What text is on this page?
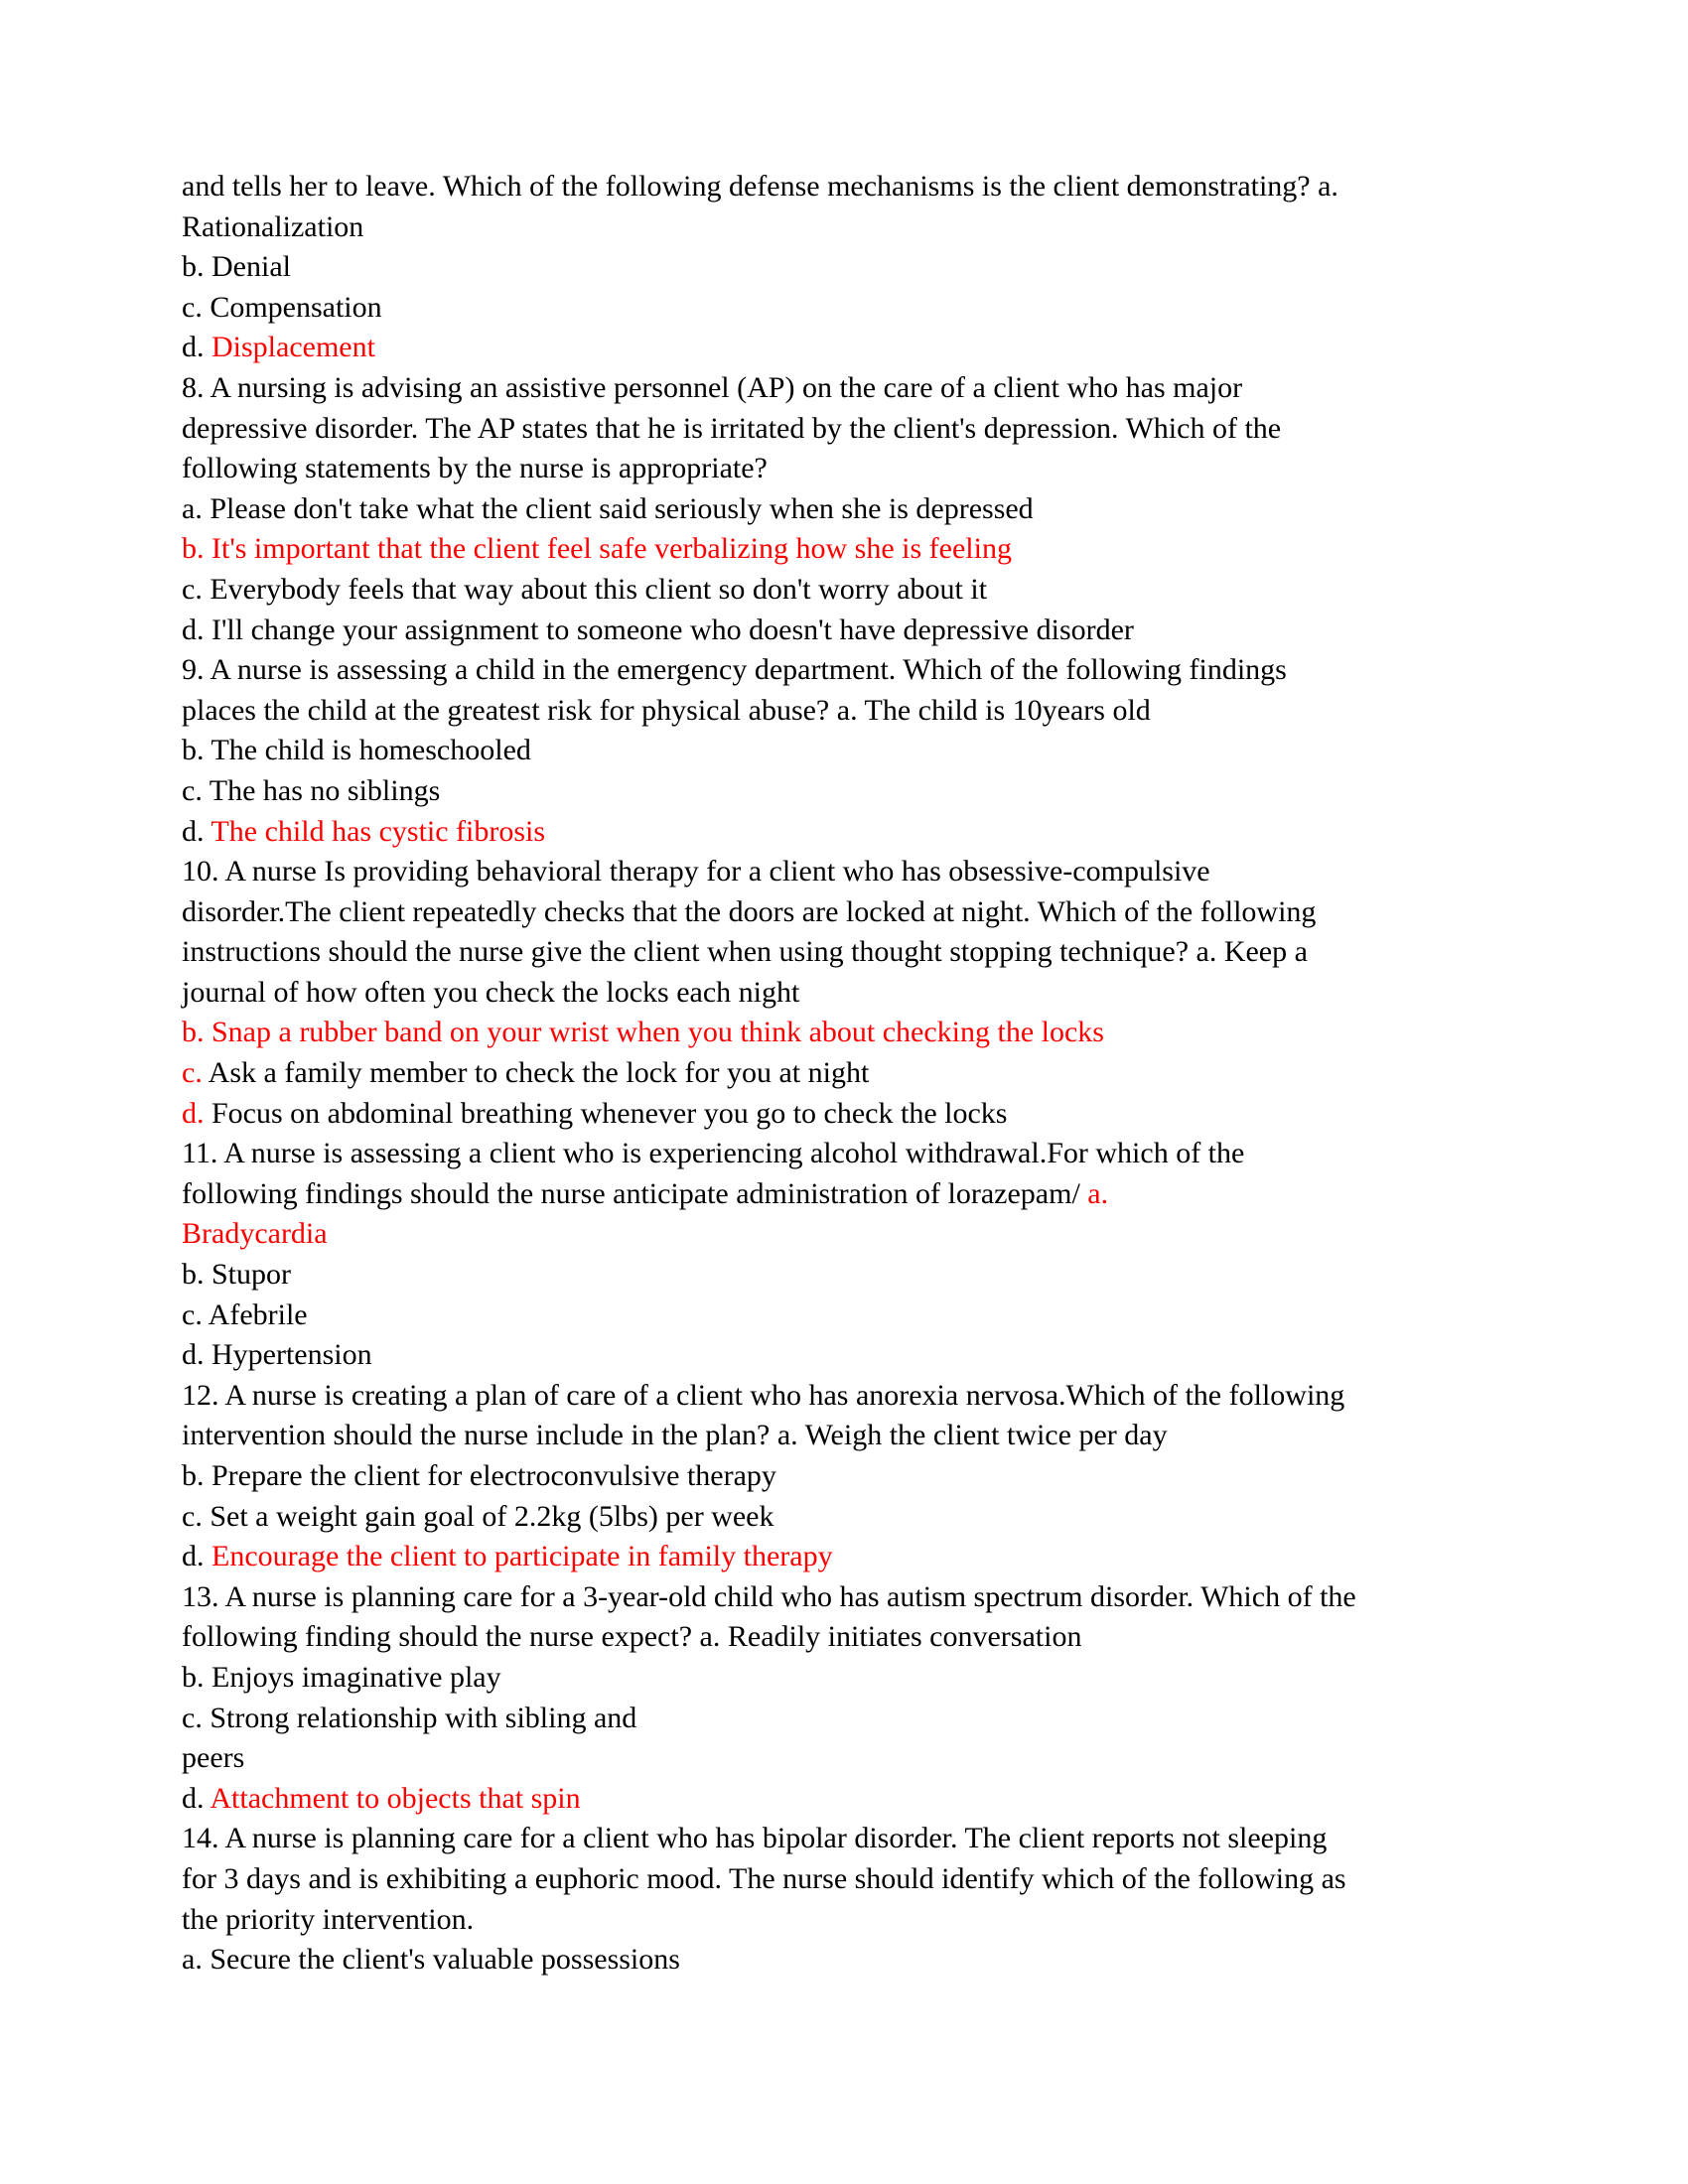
and tells her to leave. Which of the following defense mechanisms is the client demonstrating? a.
Rationalization
b. Denial
c. Compensation
d. Displacement
8. A nursing is advising an assistive personnel (AP) on the care of a client who has major
depressive disorder. The AP states that he is irritated by the client's depression. Which of the
following statements by the nurse is appropriate?
a. Please don't take what the client said seriously when she is depressed
b. It's important that the client feel safe verbalizing how she is feeling
c. Everybody feels that way about this client so don't worry about it
d. I'll change your assignment to someone who doesn't have depressive disorder
9. A nurse is assessing a child in the emergency department. Which of the following findings
places the child at the greatest risk for physical abuse? a. The child is 10years old
b. The child is homeschooled
c. The has no siblings
d. The child has cystic fibrosis
10. A nurse Is providing behavioral therapy for a client who has obsessive-compulsive
disorder.The client repeatedly checks that the doors are locked at night. Which of the following
instructions should the nurse give the client when using thought stopping technique? a. Keep a
journal of how often you check the locks each night
b. Snap a rubber band on your wrist when you think about checking the locks
c. Ask a family member to check the lock for you at night
d. Focus on abdominal breathing whenever you go to check the locks
11. A nurse is assessing a client who is experiencing alcohol withdrawal.For which of the
following findings should the nurse anticipate administration of lorazepam/ a.
Bradycardia
b. Stupor
c. Afebrile
d. Hypertension
12. A nurse is creating a plan of care of a client who has anorexia nervosa.Which of the following
intervention should the nurse include in the plan? a. Weigh the client twice per day
b. Prepare the client for electroconvulsive therapy
c. Set a weight gain goal of 2.2kg (5lbs) per week
d. Encourage the client to participate in family therapy
13. A nurse is planning care for a 3-year-old child who has autism spectrum disorder. Which of the
following finding should the nurse expect? a. Readily initiates conversation
b. Enjoys imaginative play
c. Strong relationship with sibling and
peers
d. Attachment to objects that spin
14. A nurse is planning care for a client who has bipolar disorder. The client reports not sleeping
for 3 days and is exhibiting a euphoric mood. The nurse should identify which of the following as
the priority intervention.
a. Secure the client's valuable possessions
